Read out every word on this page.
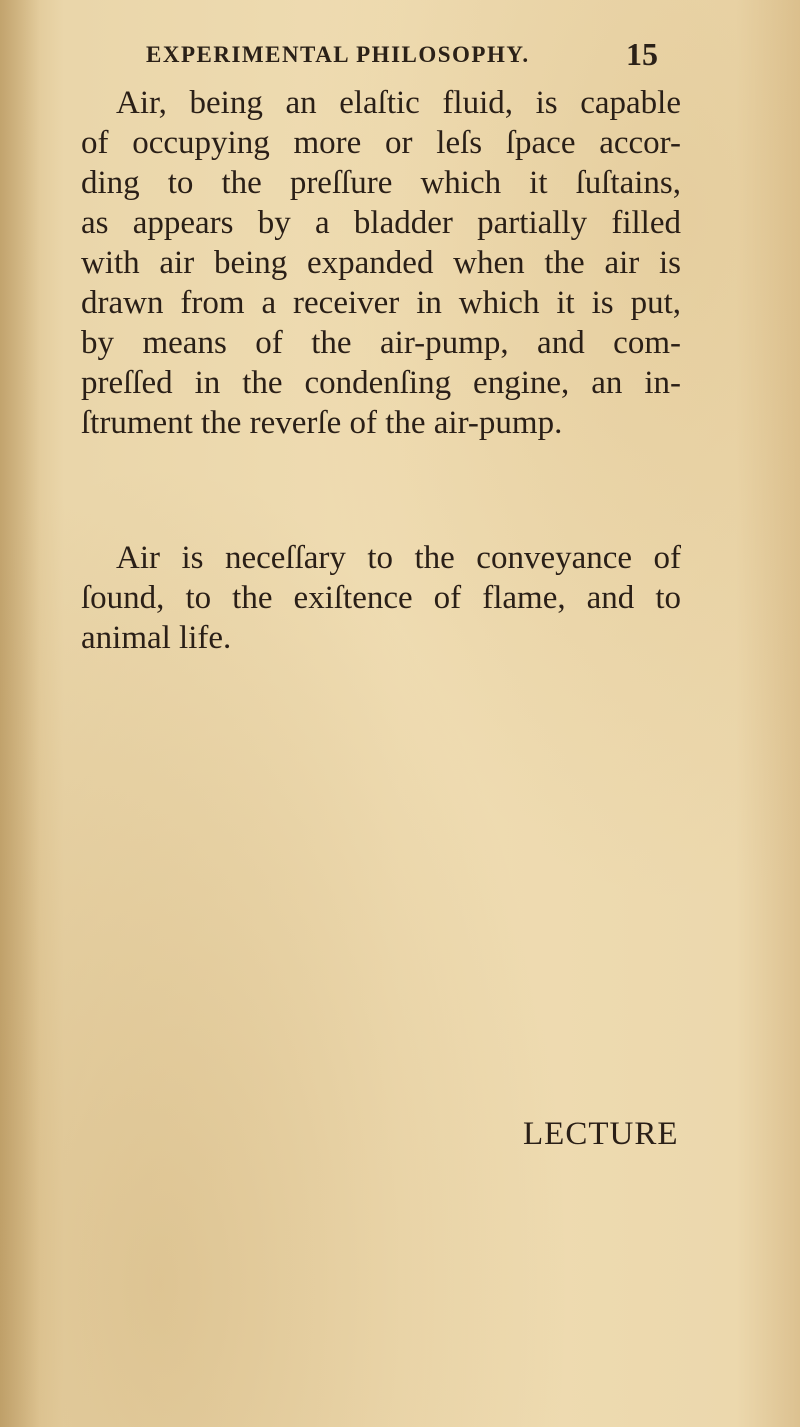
EXPERIMENTAL PHILOSOPHY.	15
Air, being an elaſtic fluid, is capable
of occupying more or leſs ſpace accor-
ding to the preſſure which it ſuſtains,
as appears by a bladder partially filled
with air being expanded when the air is
drawn from a receiver in which it is put,
by means of the air-pump, and com-
preſſed in the condenſing engine, an in-
ſtrument the reverſe of the air-pump.
Air is neceſſary to the conveyance of
ſound, to the exiſtence of flame, and to
animal life.
LECTURE
